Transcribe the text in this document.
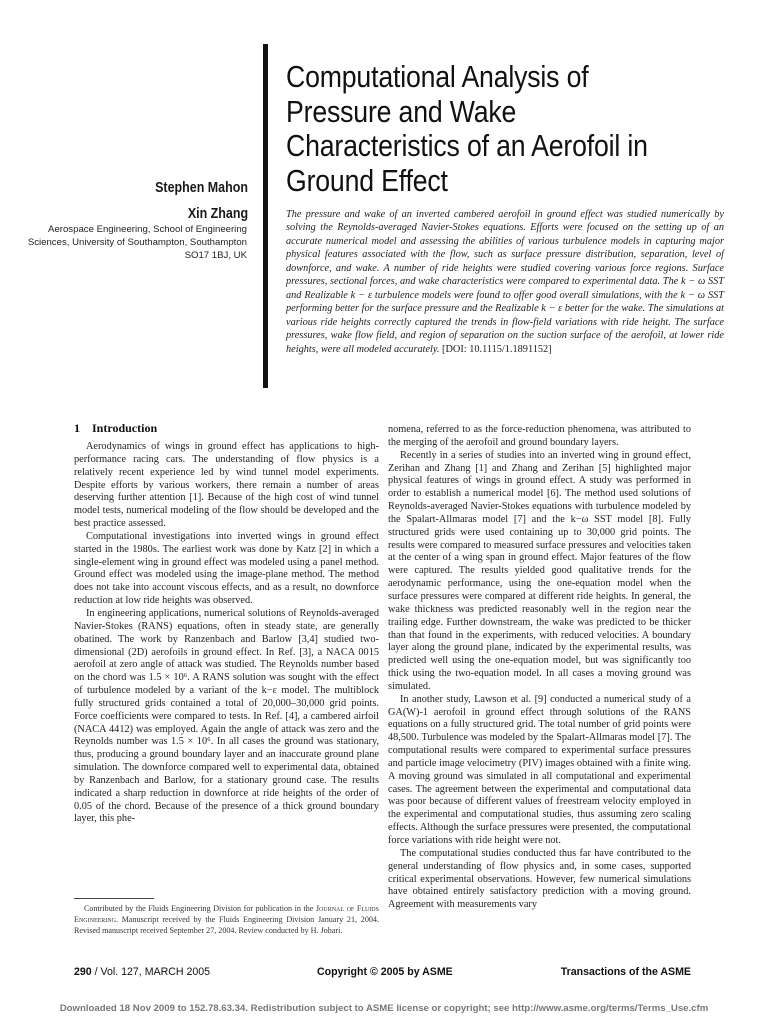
Computational Analysis of Pressure and Wake Characteristics of an Aerofoil in Ground Effect
Stephen Mahon
Xin Zhang
Aerospace Engineering, School of Engineering Sciences, University of Southampton, Southampton SO17 1BJ, UK
The pressure and wake of an inverted cambered aerofoil in ground effect was studied numerically by solving the Reynolds-averaged Navier-Stokes equations. Efforts were focused on the setting up of an accurate numerical model and assessing the abilities of various turbulence models in capturing major physical features associated with the flow, such as surface pressure distribution, separation, level of downforce, and wake. A number of ride heights were studied covering various force regions. Surface pressures, sectional forces, and wake characteristics were compared to experimental data. The k − ω SST and Realizable k − ε turbulence models were found to offer good overall simulations, with the k − ω SST performing better for the surface pressure and the Realizable k − ε better for the wake. The simulations at various ride heights correctly captured the trends in flow-field variations with ride height. The surface pressures, wake flow field, and region of separation on the suction surface of the aerofoil, at lower ride heights, were all modeled accurately. [DOI: 10.1115/1.1891152]
1 Introduction

Aerodynamics of wings in ground effect has applications to high-performance racing cars. The understanding of flow physics is a relatively recent experience led by wind tunnel model experiments. Despite efforts by various workers, there remain a number of areas deserving further attention [1]. Because of the high cost of wind tunnel model tests, numerical modeling of the flow should be developed and the best practice assessed.

Computational investigations into inverted wings in ground effect started in the 1980s. The earliest work was done by Katz [2] in which a single-element wing in ground effect was modeled using a panel method. Ground effect was modeled using the image-plane method. The method does not take into account viscous effects, and as a result, no downforce reduction at low ride heights was observed.

In engineering applications, numerical solutions of Reynolds-averaged Navier-Stokes (RANS) equations, often in steady state, are generally obatined. The work by Ranzenbach and Barlow [3,4] studied two-dimensional (2D) aerofoils in ground effect. In Ref. [3], a NACA 0015 aerofoil at zero angle of attack was studied. The Reynolds number based on the chord was 1.5 × 10⁶. A RANS solution was sought with the effect of turbulence modeled by a variant of the k−ε model. The multiblock fully structured grids contained a total of 20,000–30,000 grid points. Force coefficients were compared to tests. In Ref. [4], a cambered airfoil (NACA 4412) was employed. Again the angle of attack was zero and the Reynolds number was 1.5 × 10⁶. In all cases the ground was stationary, thus, producing a ground boundary layer and an inaccurate ground plane simulation. The downforce compared well to experimental data, obtained by Ranzenbach and Barlow, for a stationary ground case. The results indicated a sharp reduction in downforce at ride heights of the order of 0.05 of the chord. Because of the presence of a thick ground boundary layer, this phe-

nomena, referred to as the force-reduction phenomena, was attributed to the merging of the aerofoil and ground boundary layers.

Recently in a series of studies into an inverted wing in ground effect, Zerihan and Zhang [1] and Zhang and Zerihan [5] highlighted major physical features of wings in ground effect. A study was performed in order to establish a numerical model [6]. The method used solutions of Reynolds-averaged Navier-Stokes equations with turbulence modeled by the Spalart-Allmaras model [7] and the k−ω SST model [8]. Fully structured grids were used containing up to 30,000 grid points. The results were compared to measured surface pressures and velocities taken at the center of a wing span in ground effect. Major features of the flow were captured. The results yielded good qualitative trends for the aerodynamic performance, using the one-equation model when the surface pressures were compared at different ride heights. In general, the wake thickness was predicted reasonably well in the region near the trailing edge. Further downstream, the wake was predicted to be thicker than that found in the experiments, with reduced velocities. A boundary layer along the ground plane, indicated by the experimental results, was predicted well using the one-equation model, but was significantly too thick using the two-equation model. In all cases a moving ground was simulated.

In another study, Lawson et al. [9] conducted a numerical study of a GA(W)-1 aerofoil in ground effect through solutions of the RANS equations on a fully structured grid. The total number of grid points were 48,500. Turbulence was modeled by the Spalart-Allmaras model [7]. The computational results were compared to experimental surface pressures and particle image velocimetry (PIV) images obtained with a finite wing. A moving ground was simulated in all computational and experimental cases. The agreement between the experimental and computational data was poor because of different values of freestream velocity employed in the experimental and computational studies, thus assuming zero scaling effects. Although the surface pressures were presented, the computational force variations with ride height were not.

The computational studies conducted thus far have contributed to the general understanding of flow physics and, in some cases, supported critical experimental observations. However, few numerical simulations have obtained entirely satisfactory prediction with a moving ground. Agreement with measurements vary

Contributed by the Fluids Engineering Division for publication in the Journal of Fluids Engineering. Manuscript received by the Fluids Engineering Division January 21, 2004. Revised manuscript received September 27, 2004. Review conducted by H. Johari.

290 / Vol. 127, MARCH 2005	Copyright © 2005 by ASME	Transactions of the ASME
Downloaded 18 Nov 2009 to 152.78.63.34. Redistribution subject to ASME license or copyright; see http://www.asme.org/terms/Terms_Use.cfm
